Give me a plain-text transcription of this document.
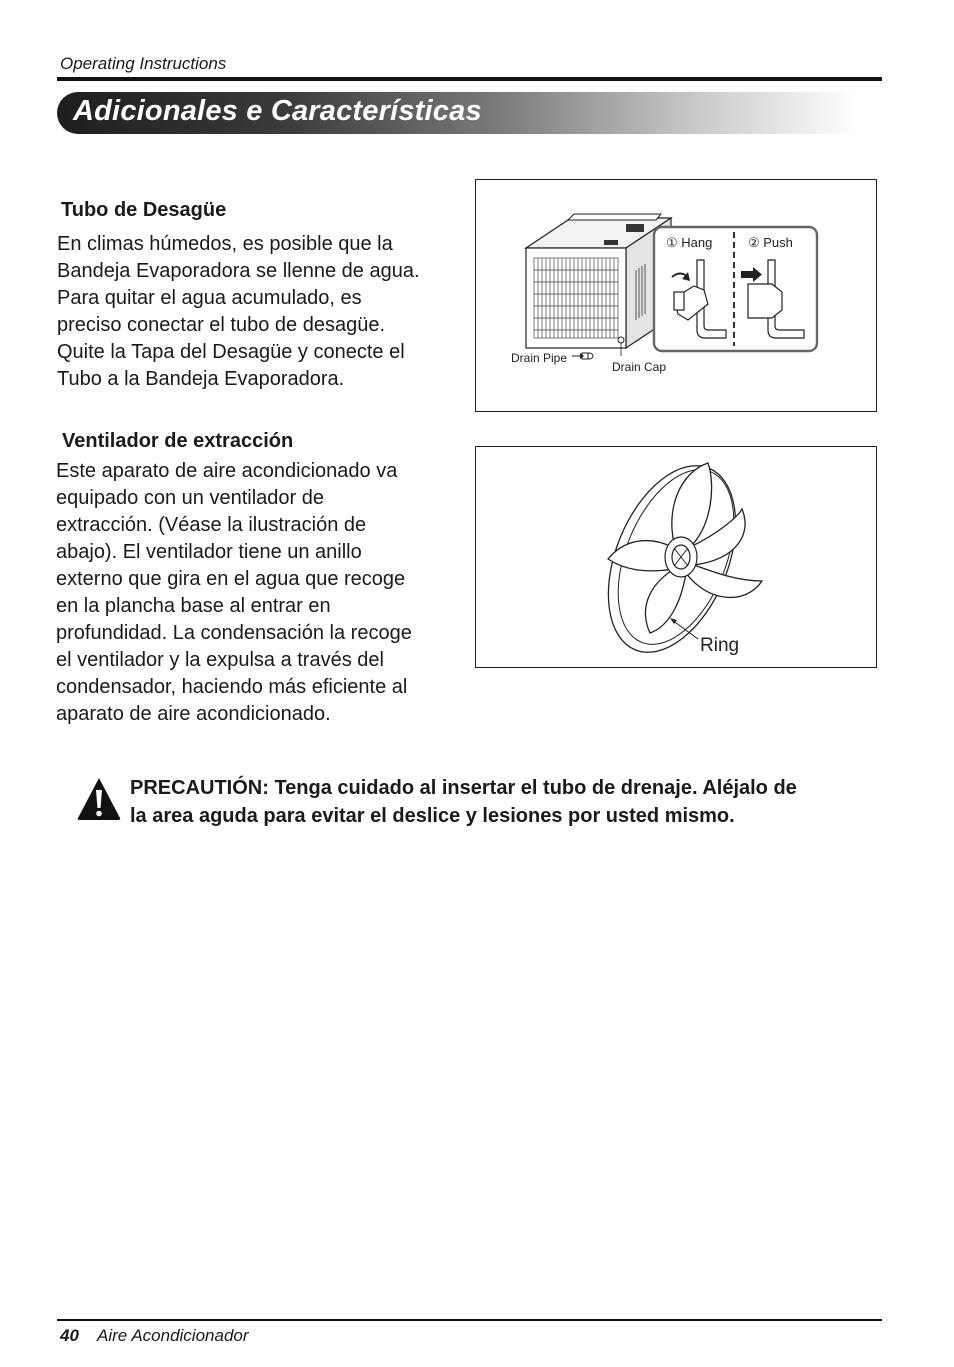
Operating Instructions
Adicionales e Características
Tubo de Desagüe

En climas húmedos, es posible que la
Bandeja Evaporadora se llenne de agua.
Para quitar el agua acumulado, es
preciso conectar el tubo de desagüe.
Quite la Tapa del Desagüe y conecte el
Tubo a la Bandeja Evaporadora.

Drain Pipe
Drain Cap
① Hang	② Push
Ventilador de extracción

Este aparato de aire acondicionado va
equipado con un ventilador de
extracción. (Véase la ilustración de
abajo). El ventilador tiene un anillo
externo que gira en el agua que recoge
en la plancha base al entrar en
profundidad. La condensación la recoge
el ventilador y la expulsa a través del
condensador, haciendo más eficiente al
aparato de aire acondicionado.

Ring
PRECAUTIÓN: Tenga cuidado al insertar el tubo de drenaje. Aléjalo de
la area aguda para evitar el deslice y lesiones por usted mismo.
40 Aire Acondicionador
